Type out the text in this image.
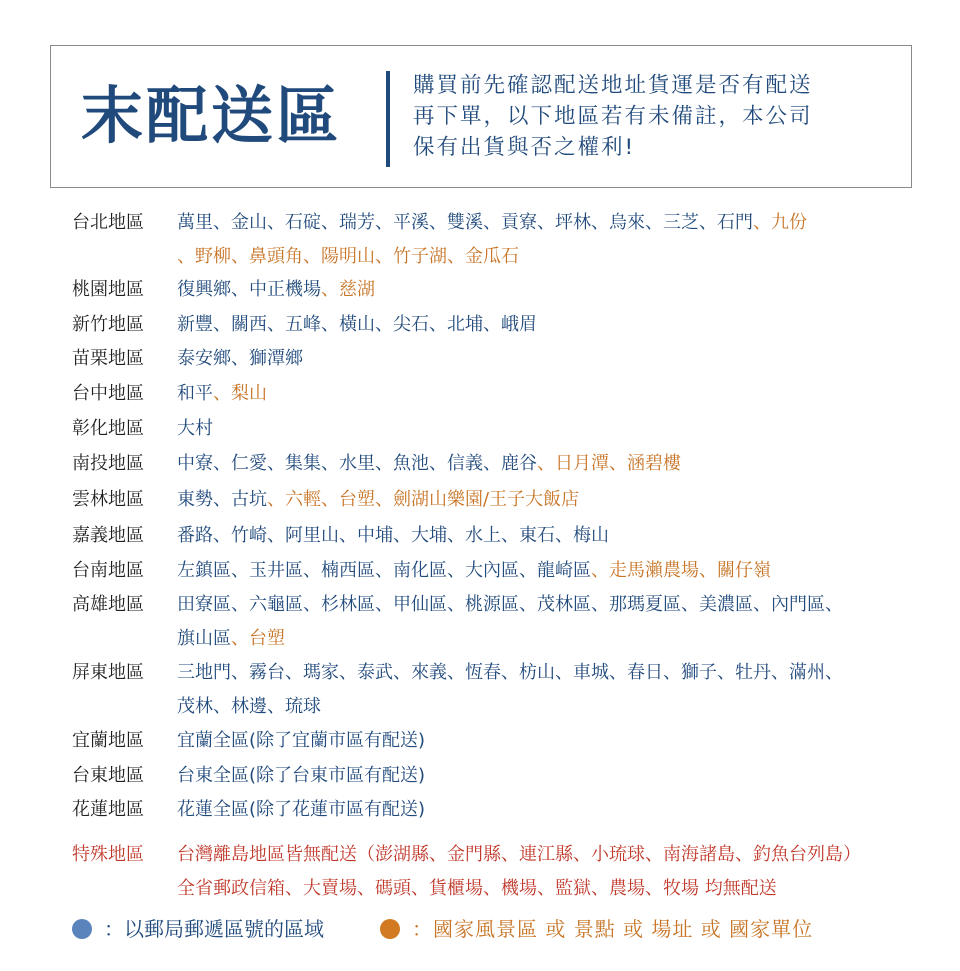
末配送區	購買前先確認配送地址貨運是否有配送
再下單，以下地區若有未備註，本公司
保有出貨與否之權利!
台北地區	萬里、金山、石碇、瑞芳、平溪、雙溪、貢寮、坪林、烏來、三芝、石門、九份
、野柳、鼻頭角、陽明山、竹子湖、金瓜石
桃園地區	復興鄉、中正機場、慈湖
新竹地區	新豐、關西、五峰、橫山、尖石、北埔、峨眉
苗栗地區	泰安鄉、獅潭鄉
台中地區	和平、梨山
彰化地區	大村
南投地區	中寮、仁愛、集集、水里、魚池、信義、鹿谷、日月潭、涵碧樓
雲林地區	東勢、古坑、六輕、台塑、劍湖山樂園/王子大飯店
嘉義地區	番路、竹崎、阿里山、中埔、大埔、水上、東石、梅山
台南地區	左鎮區、玉井區、楠西區、南化區、大內區、龍崎區、走馬瀨農場、關仔嶺
高雄地區	田寮區、六龜區、杉林區、甲仙區、桃源區、茂林區、那瑪夏區、美濃區、內門區、
旗山區、台塑
屏東地區	三地門、霧台、瑪家、泰武、來義、恆春、枋山、車城、春日、獅子、牡丹、滿州、
茂林、林邊、琉球
宜蘭地區	宜蘭全區(除了宜蘭市區有配送)
台東地區	台東全區(除了台東市區有配送)
花蓮地區	花蓮全區(除了花蓮市區有配送)
特殊地區	台灣離島地區皆無配送（澎湖縣、金門縣、連江縣、小琉球、南海諸島、釣魚台列島）
全省郵政信箱、大賣場、碼頭、貨櫃場、機場、監獄、農場、牧場 均無配送
：以郵局郵遞區號的區域	：國家風景區 或 景點 或 場址 或 國家單位
